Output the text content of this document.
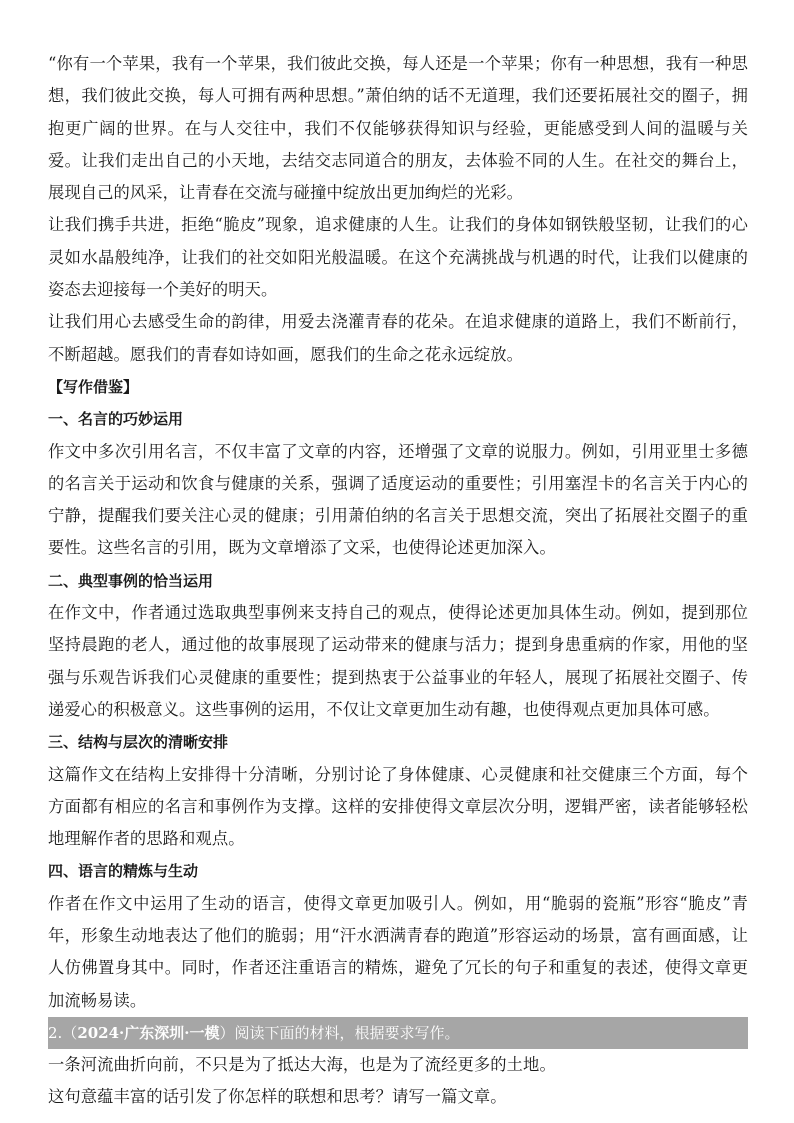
“你有一个苹果，我有一个苹果，我们彼此交换，每人还是一个苹果；你有一种思想，我有一种思想，我们彼此交换，每人可拥有两种思想。”萧伯纳的话不无道理，我们还要拓展社交的圈子，拥抱更广阔的世界。在与人交往中，我们不仅能够获得知识与经验，更能感受到人间的温暖与关爱。让我们走出自己的小天地，去结交志同道合的朋友，去体验不同的人生。在社交的舞台上，展现自己的风采，让青春在交流与碰撞中绽放出更加绚烂的光彩。

让我们携手共进，拒绝“脆皮”现象，追求健康的人生。让我们的身体如钢铁般坚韧，让我们的心灵如水晶般纯净，让我们的社交如阳光般温暖。在这个充满挑战与机遇的时代，让我们以健康的姿态去迎接每一个美好的明天。

让我们用心去感受生命的韵律，用爱去浇灌青春的花朵。在追求健康的道路上，我们不断前行，不断超越。愿我们的青春如诗如画，愿我们的生命之花永远绽放。

【写作借鉴】

一、名言的巧妙运用

作文中多次引用名言，不仅丰富了文章的内容，还增强了文章的说服力。例如，引用亚里士多德的名言关于运动和饮食与健康的关系，强调了适度运动的重要性；引用塞涅卡的名言关于内心的宁静，提醒我们要关注心灵的健康；引用萧伯纳的名言关于思想交流，突出了拓展社交圈子的重要性。这些名言的引用，既为文章增添了文采，也使得论述更加深入。

二、典型事例的恰当运用

在作文中，作者通过选取典型事例来支持自己的观点，使得论述更加具体生动。例如，提到那位坚持晨跑的老人，通过他的故事展现了运动带来的健康与活力；提到身患重病的作家，用他的坚强与乐观告诉我们心灵健康的重要性；提到热衷于公益事业的年轻人，展现了拓展社交圈子、传递爱心的积极意义。这些事例的运用，不仅让文章更加生动有趣，也使得观点更加具体可感。

三、结构与层次的清晰安排

这篇作文在结构上安排得十分清晰，分别讨论了身体健康、心灵健康和社交健康三个方面，每个方面都有相应的名言和事例作为支撑。这样的安排使得文章层次分明，逻辑严密，读者能够轻松地理解作者的思路和观点。

四、语言的精炼与生动

作者在作文中运用了生动的语言，使得文章更加吸引人。例如，用“脆弱的瓷瓶”形容“脆皮”青年，形象生动地表达了他们的脆弱；用“汗水洒满青春的跑道”形容运动的场景，富有画面感，让人仿佛置身其中。同时，作者还注重语言的精炼，避免了冗长的句子和重复的表述，使得文章更加流畅易读。

2.（2024·广东深圳·一模）阅读下面的材料，根据要求写作。

一条河流曲折向前，不只是为了抵达大海，也是为了流经更多的土地。

这句意蕴丰富的话引发了你怎样的联想和思考？请写一篇文章。
